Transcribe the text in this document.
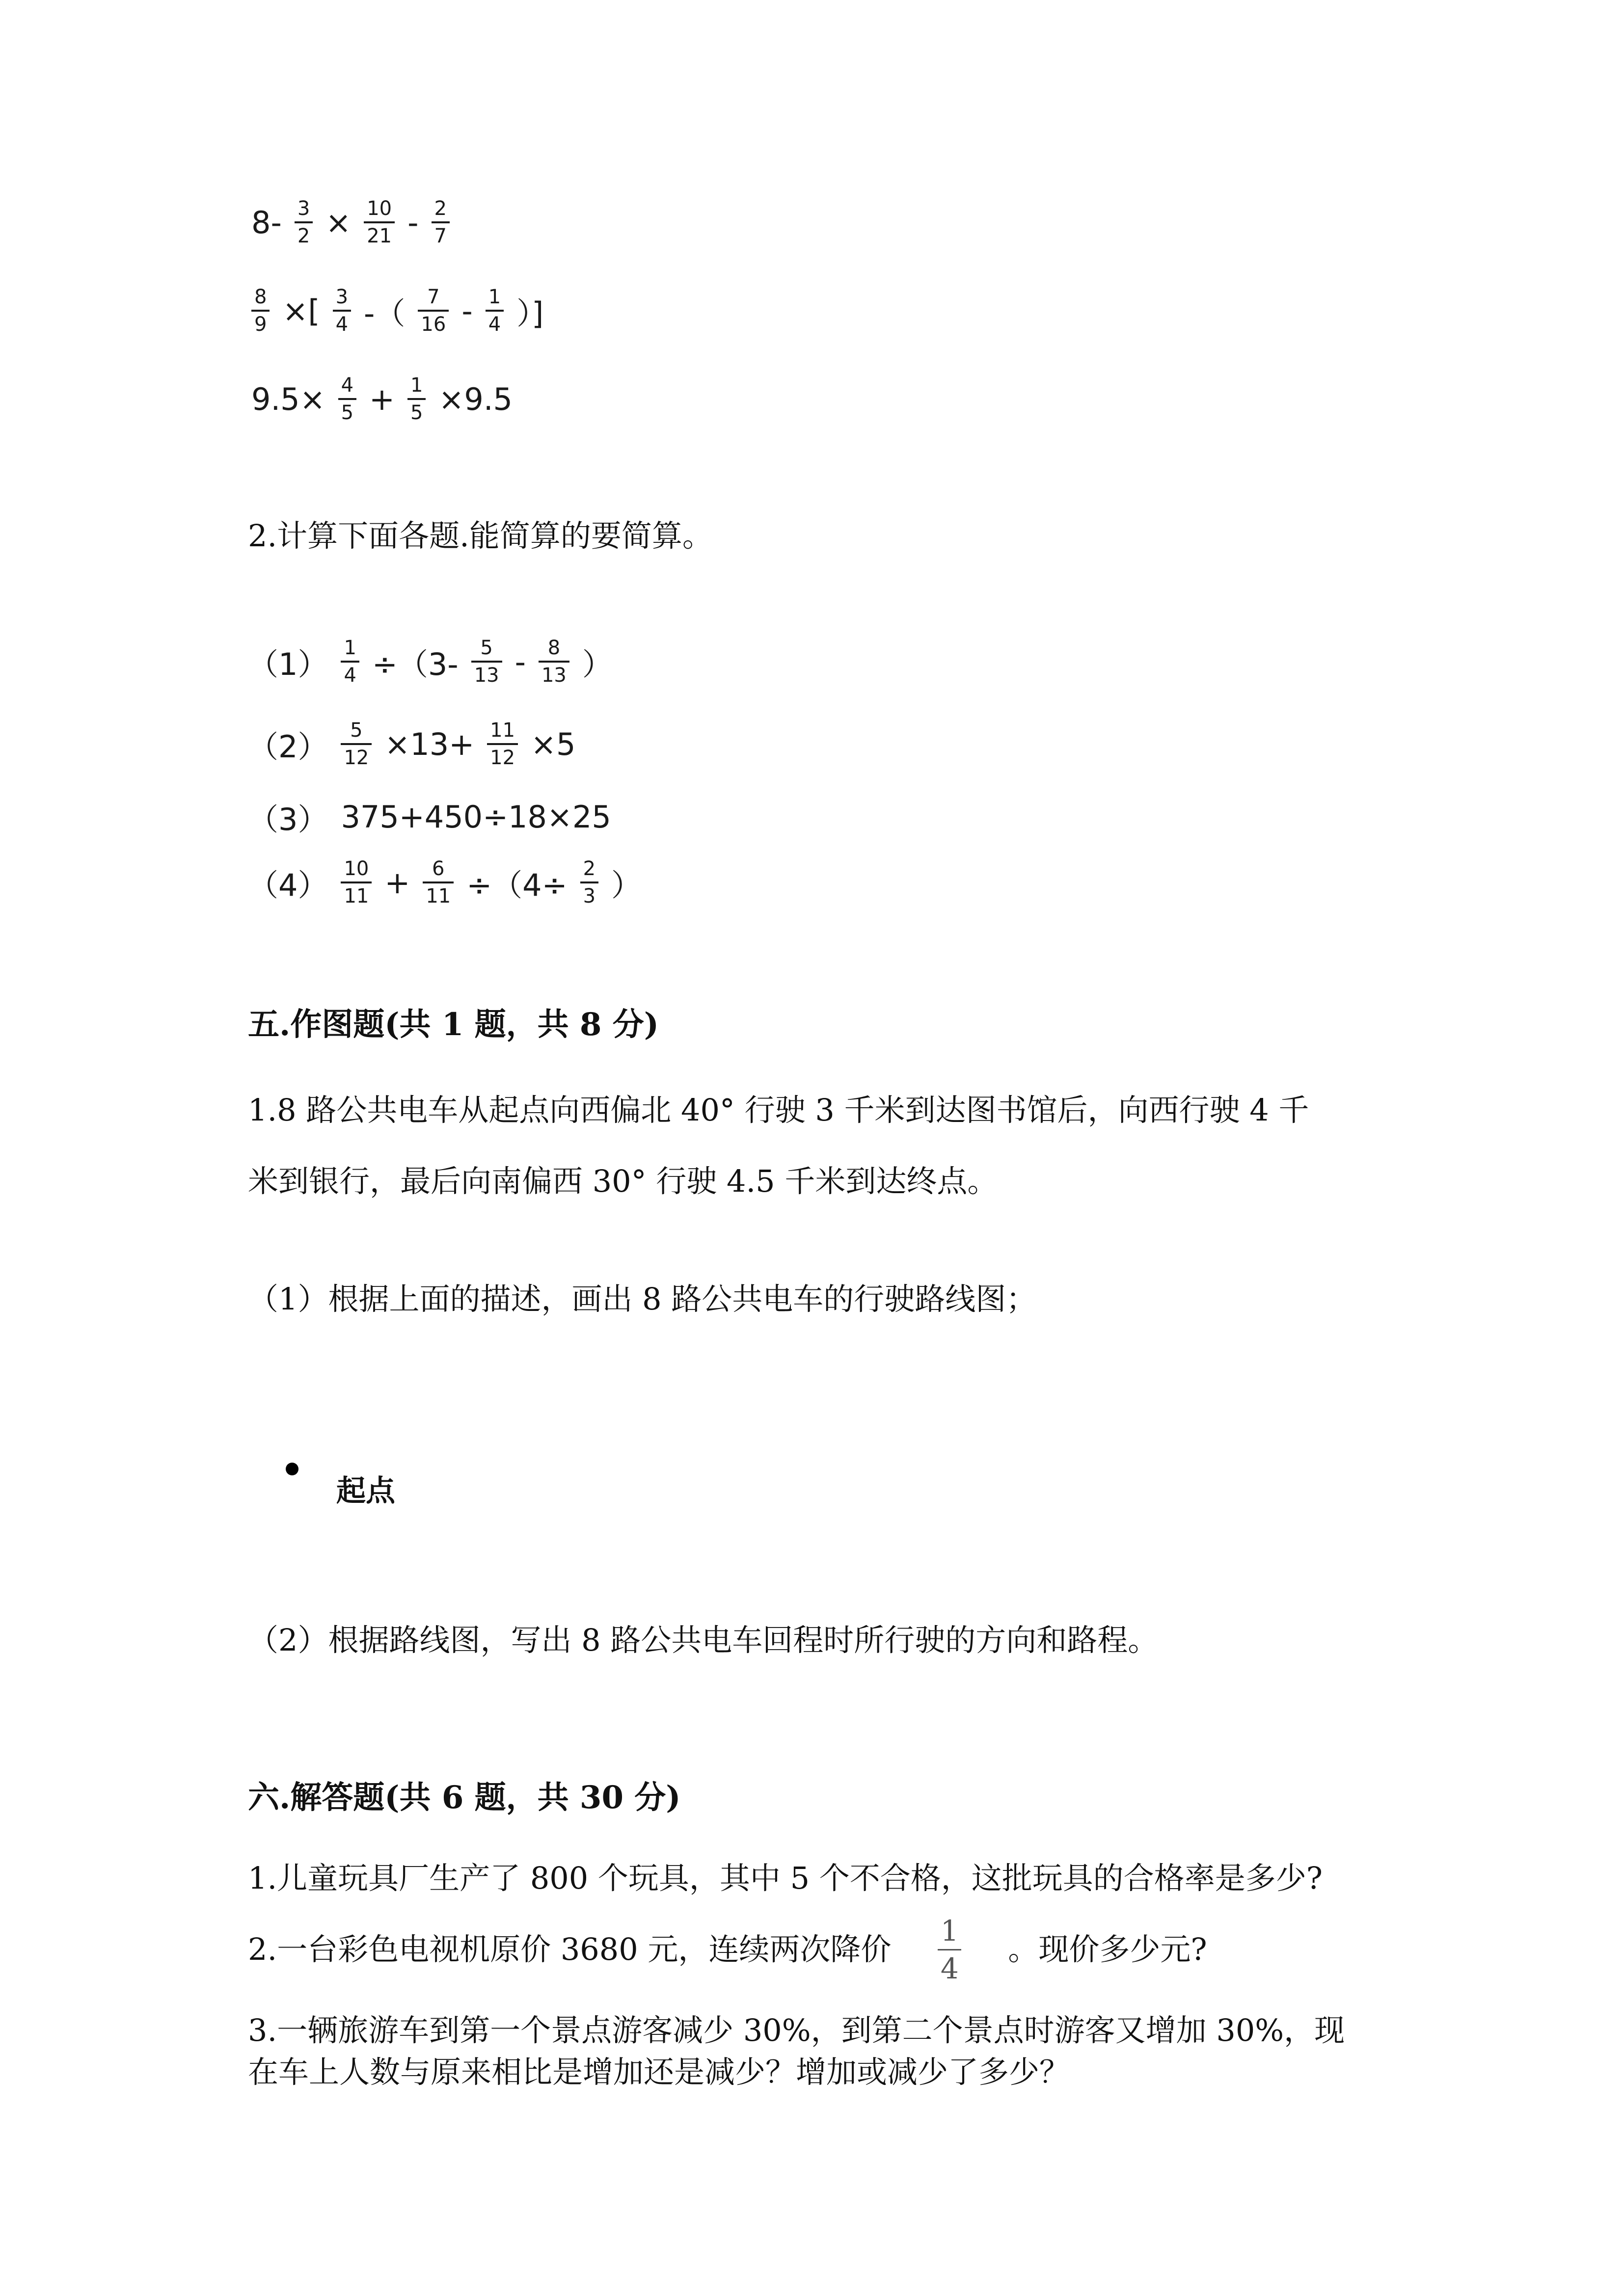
$8- \frac{3}{2} \times \frac{10}{21} - \frac{2}{7}$
$\frac{8}{9}$ ×[ $\frac{3}{4}$ -（ $\frac{7}{16} - \frac{1}{4}$ ）]
$9.5\times \frac{4}{5} + \frac{1}{5} \times 9.5$
2.计算下面各题.能简算的要简算。
$(1) \frac{1}{4} \div(3- \frac{5}{13} - \frac{8}{13}$ ）
$(2) \frac{5}{12} \times 13+ \frac{11}{12} \times 5$
（3） 375+450÷18×25
$(4) \frac{10}{11} + \frac{6}{11} \div(4\div \frac{2}{3}$ ）
五.作图题(共 1 题，共 8 分)
1.8 路公共电车从起点向西偏北 40° 行驶 3 千米到达图书馆后，向西行驶 4 千
米到银行，最后向南偏西 30° 行驶 4.5 千米到达终点。
（1）根据上面的描述，画出 8 路公共电车的行驶路线图；
起点
（2）根据路线图，写出 8 路公共电车回程时所行驶的方向和路程。
六.解答题(共 6 题，共 30 分)
1.儿童玩具厂生产了 800 个玩具，其中 5 个不合格，这批玩具的合格率是多少?
2.一台彩色电视机原价 3680 元，连续两次降价 $\frac{1}{4}$ 。现价多少元?
3.一辆旅游车到第一个景点游客减少 30%，到第二个景点时游客又增加 30%，现
在车上人数与原来相比是增加还是减少？增加或减少了多少？
